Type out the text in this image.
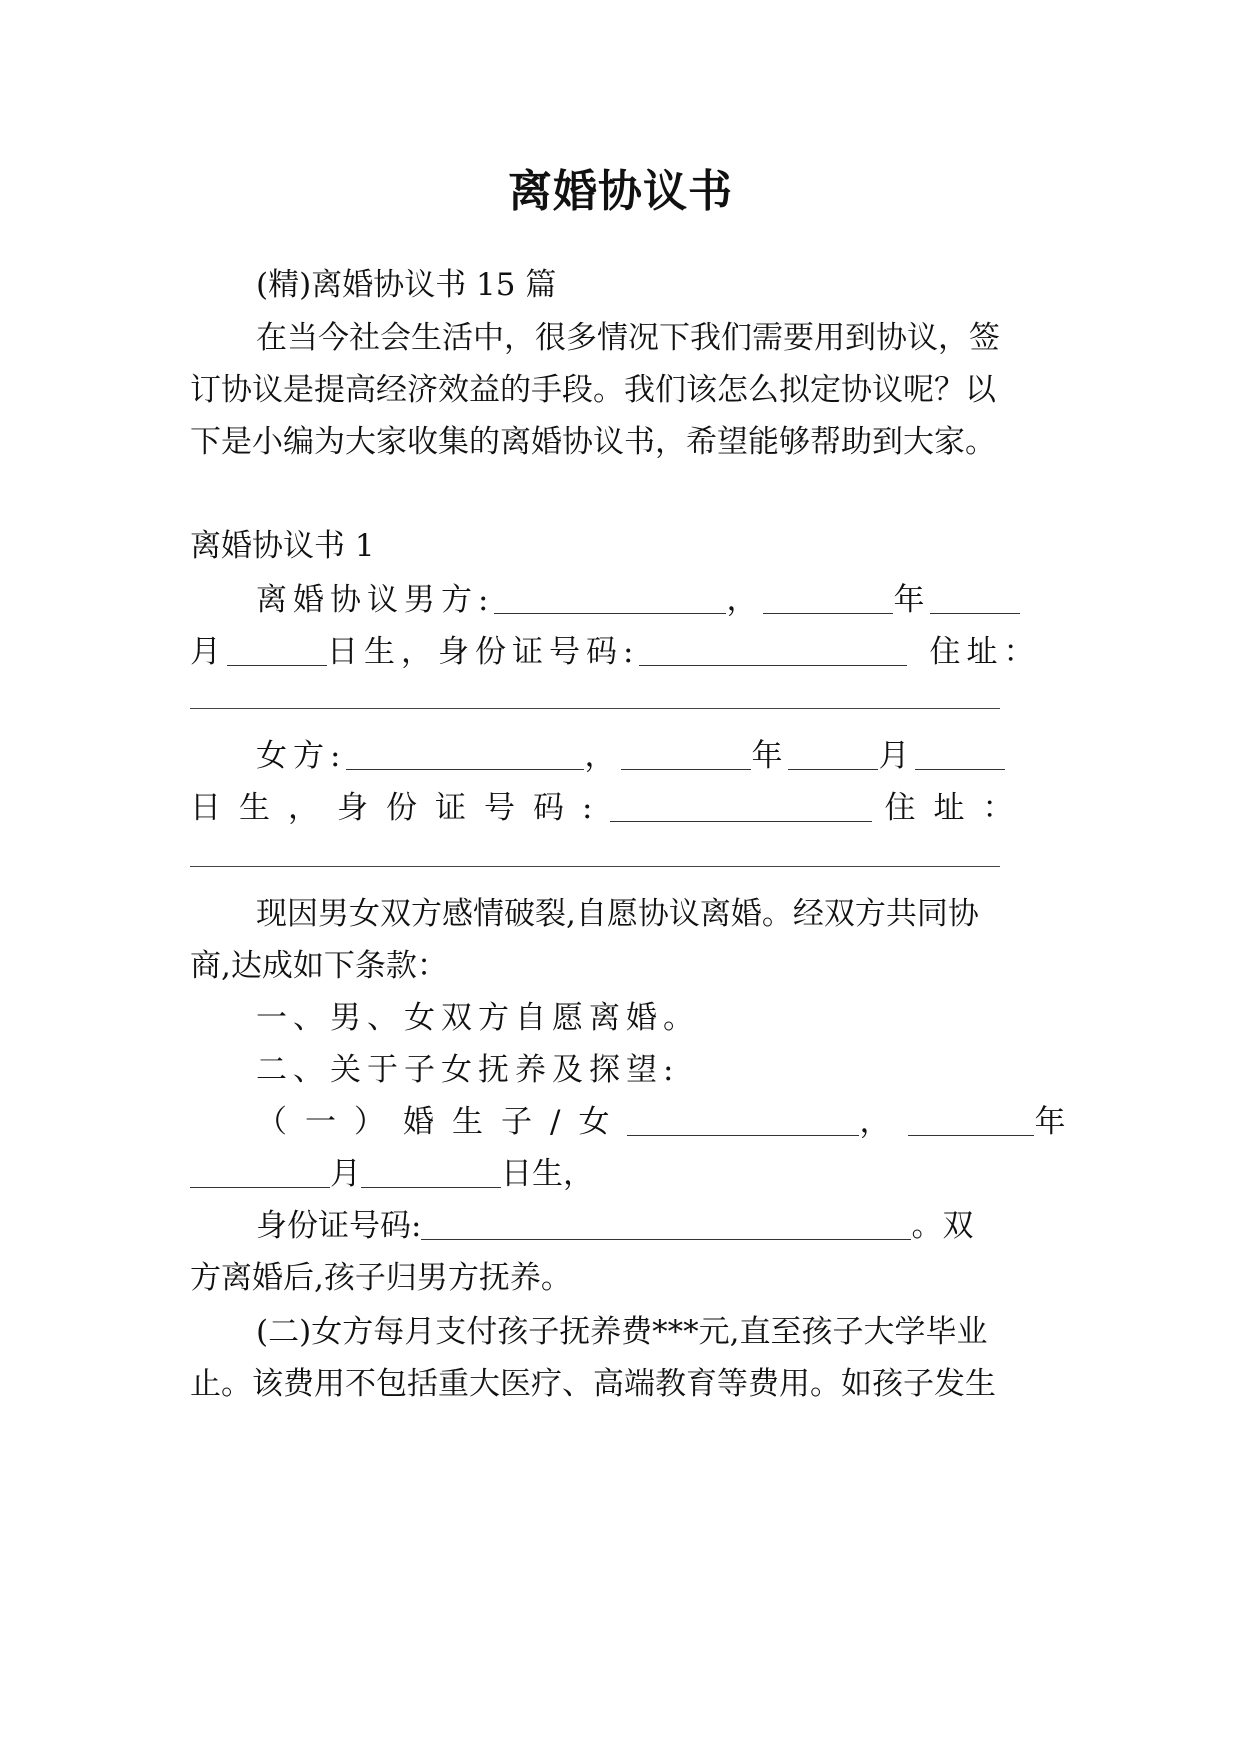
离婚协议书
(精)离婚协议书 15 篇
在当今社会生活中，很多情况下我们需要用到协议，签
订协议是提高经济效益的手段。我们该怎么拟定协议呢？以
下是小编为大家收集的离婚协议书，希望能够帮助到大家。
离婚协议书 1
离婚协议男方:	，	年
月	日生，身份证号码:	住址：
女方:	，	年	月
日生，身份证号码:	住址：
现因男女双方感情破裂,自愿协议离婚。经双方共同协
商,达成如下条款：
一、男、女双方自愿离婚。
二、关于子女抚养及探望:
（一）婚生子/女	，	年
月	日生，
身份证号码:	。双
方离婚后,孩子归男方抚养。
(二)女方每月支付孩子抚养费***元,直至孩子大学毕业
止。该费用不包括重大医疗、高端教育等费用。如孩子发生
